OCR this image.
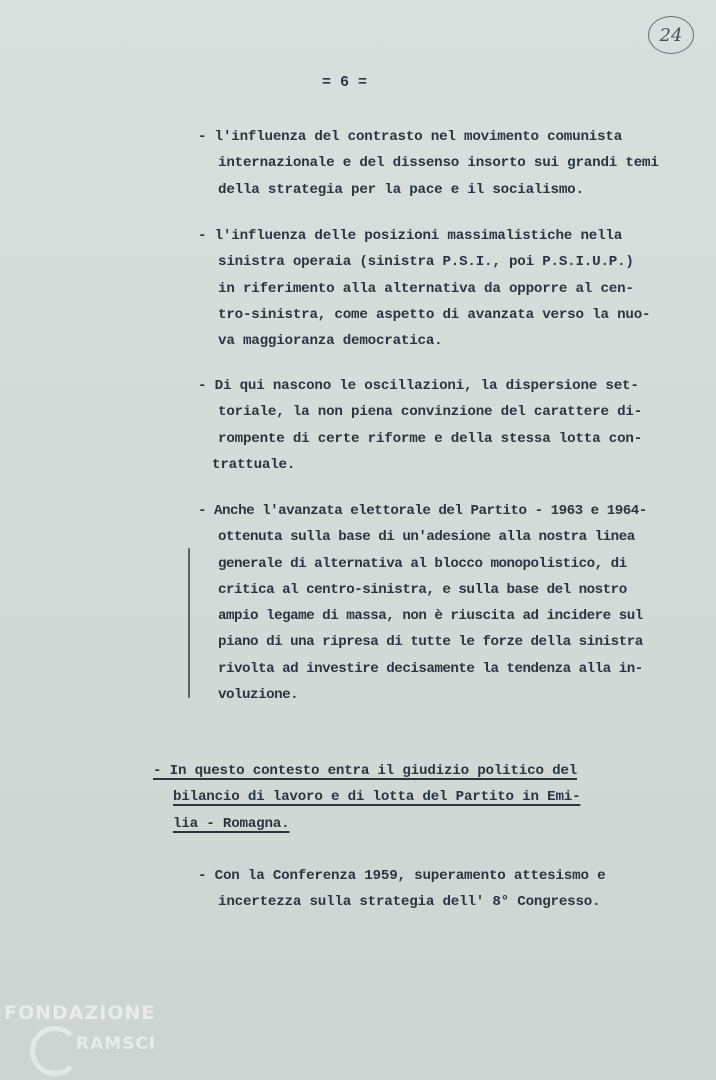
24
= 6 =
- l'influenza del contrasto nel movimento comunista
internazionale e del dissenso insorto sui grandi temi
della strategia per la pace e il socialismo.
- l'influenza delle posizioni massimalistiche nella
sinistra operaia (sinistra P.S.I., poi P.S.I.U.P.)
in riferimento alla alternativa da opporre al cen-
tro-sinistra, come aspetto di avanzata verso la nuo-
va maggioranza democratica.
- Di qui nascono le oscillazioni, la dispersione set-
toriale, la non piena convinzione del carattere di-
rompente di certe riforme e della stessa lotta con-
trattuale.
- Anche l'avanzata elettorale del Partito - 1963 e 1964-
ottenuta sulla base di un'adesione alla nostra linea
generale di alternativa al blocco monopolistico, di
critica al centro-sinistra, e sulla base del nostro
ampio legame di massa, non è riuscita ad incidere sul
piano di una ripresa di tutte le forze della sinistra
rivolta ad investire decisamente la tendenza alla in-
voluzione.
- In questo contesto entra il giudizio politico del
bilancio di lavoro e di lotta del Partito in Emi-
lia - Romagna.
- Con la Conferenza 1959, superamento attesismo e
incertezza sulla strategia dell' 8° Congresso.
FONDAZIONE
RAMSCI
